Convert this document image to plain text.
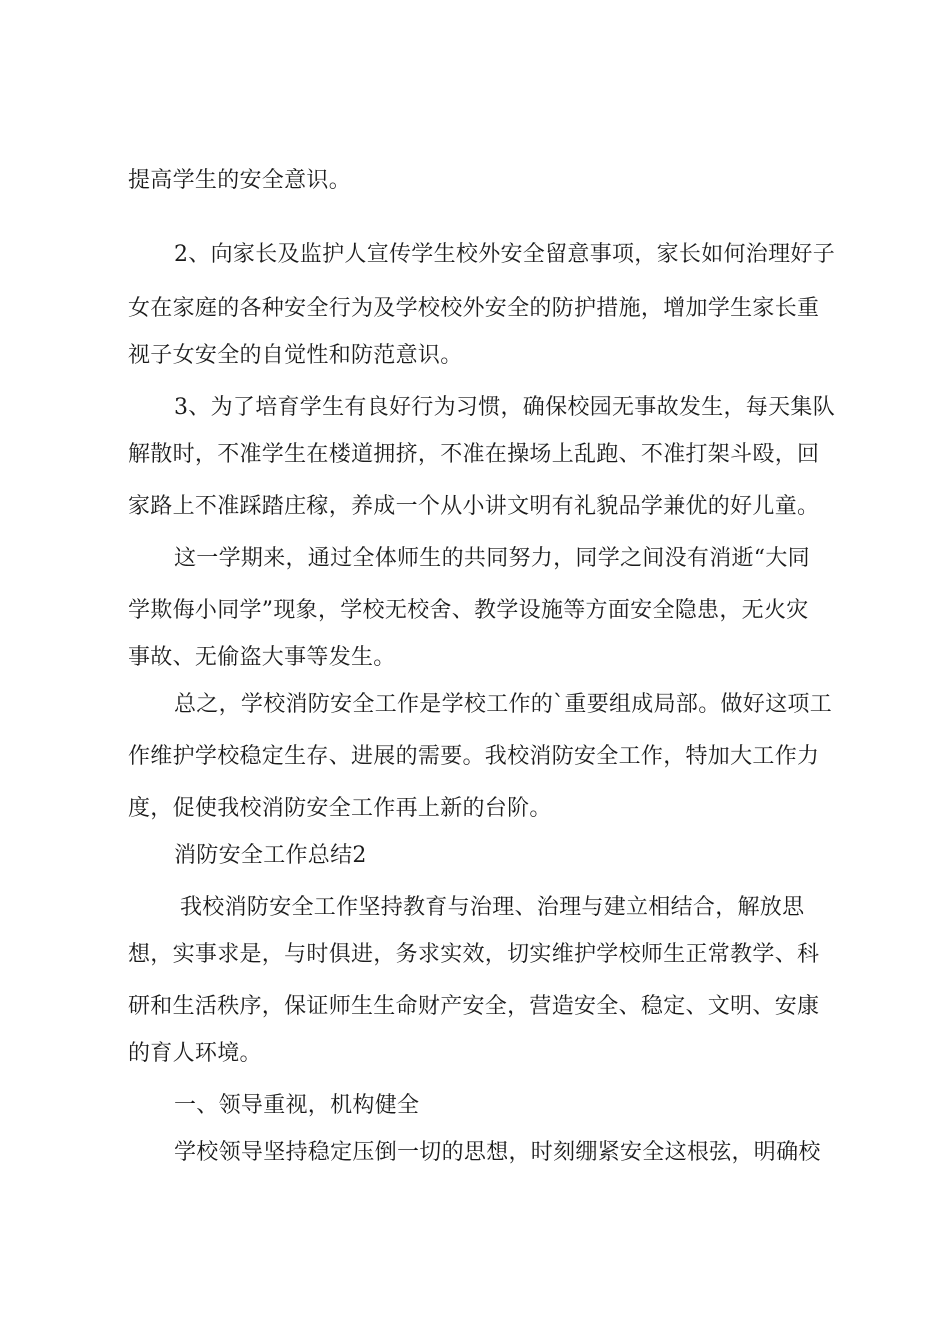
提高学生的安全意识。
2、向家长及监护人宣传学生校外安全留意事项，家长如何治理好子
女在家庭的各种安全行为及学校校外安全的防护措施，增加学生家长重
视子女安全的自觉性和防范意识。
3、为了培育学生有良好行为习惯，确保校园无事故发生，每天集队
解散时，不准学生在楼道拥挤，不准在操场上乱跑、不准打架斗殴，回
家路上不准踩踏庄稼，养成一个从小讲文明有礼貌品学兼优的好儿童。
这一学期来，通过全体师生的共同努力，同学之间没有消逝“大同
学欺侮小同学”现象，学校无校舍、教学设施等方面安全隐患，无火灾
事故、无偷盗大事等发生。
总之，学校消防安全工作是学校工作的`重要组成局部。做好这项工
作维护学校稳定生存、进展的需要。我校消防安全工作，特加大工作力
度，促使我校消防安全工作再上新的台阶。
消防安全工作总结2
我校消防安全工作坚持教育与治理、治理与建立相结合，解放思
想，实事求是，与时俱进，务求实效，切实维护学校师生正常教学、科
研和生活秩序，保证师生生命财产安全，营造安全、稳定、文明、安康
的育人环境。
一、领导重视，机构健全
学校领导坚持稳定压倒一切的思想，时刻绷紧安全这根弦，明确校
